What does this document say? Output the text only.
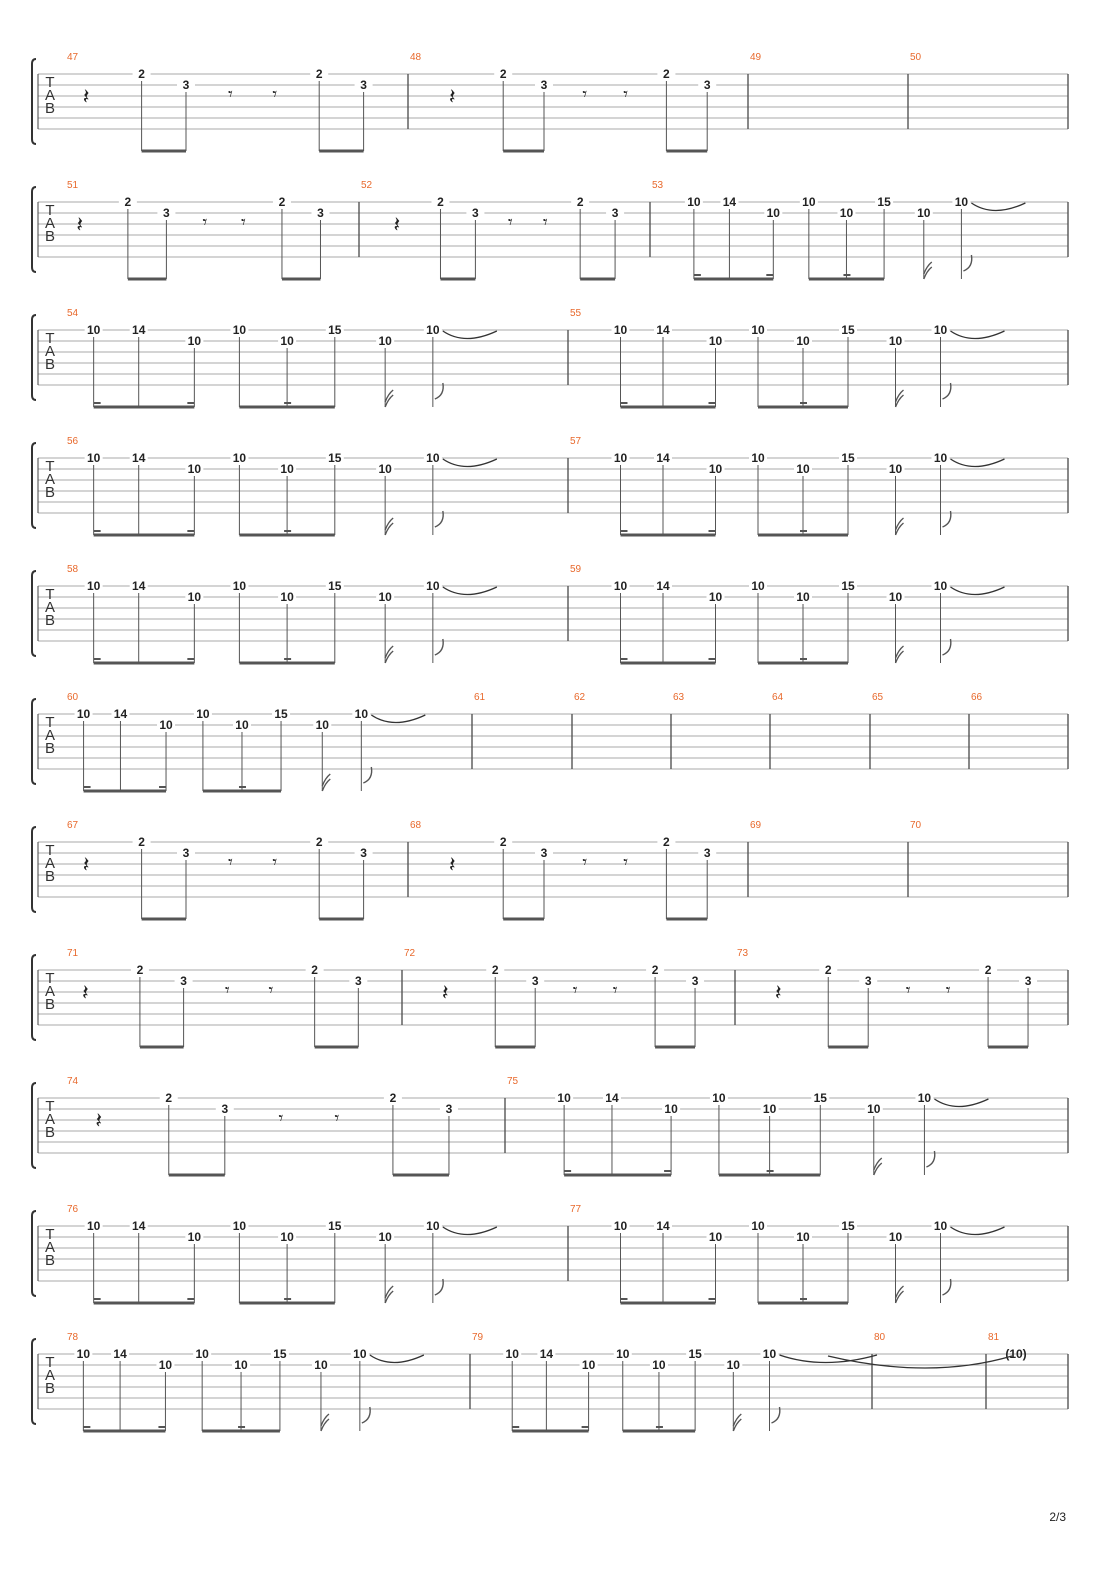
T
A
B
47
𝄽
2
3 𝄾 𝄾
2
3
48
𝄽
2
3 𝄾 𝄾
2
3
49	50
T
A
B
51
𝄽
2
3 𝄾 𝄾
2
3
52
𝄽
2
3 𝄾 𝄾
2
3
53
10 14
10
10
10
15
10
10
T
A
B
54
10	14
10
10
10
15
10
10
55
10 14
10
10
10
15
10
10
T
A
B
56
10	14
10
10
10
15
10
10
57
10 14
10
10
10
15
10
10
T
A
B
58
10	14
10
10
10
15
10
10
59
10 14
10
10
10
15
10
10
T
A
B
60
10 14
10
10
10
15
10
10
61	62	63	64	65	66
T
A
B
67
𝄽
2
3 𝄾 𝄾
2
3
68
𝄽
2
3 𝄾 𝄾
2
3
69	70
T
A
B
71
𝄽
2
3 𝄾 𝄾
2
3
72
𝄽
2
3 𝄾 𝄾
2
3
73
𝄽
2
3 𝄾 𝄾
2
3
T
A
B
74
𝄽
2
3	𝄾	𝄾
2
3
75
10	14
10
10
10
15
10
10
T
A
B
76
10	14
10
10
10
15
10
10
77
10 14
10
10
10
15
10
10
T
A
B
78
10 14
10
10
10
15
10
10
79
10 14
10
10
10
15
10
10
80	81
(10)
2/3
